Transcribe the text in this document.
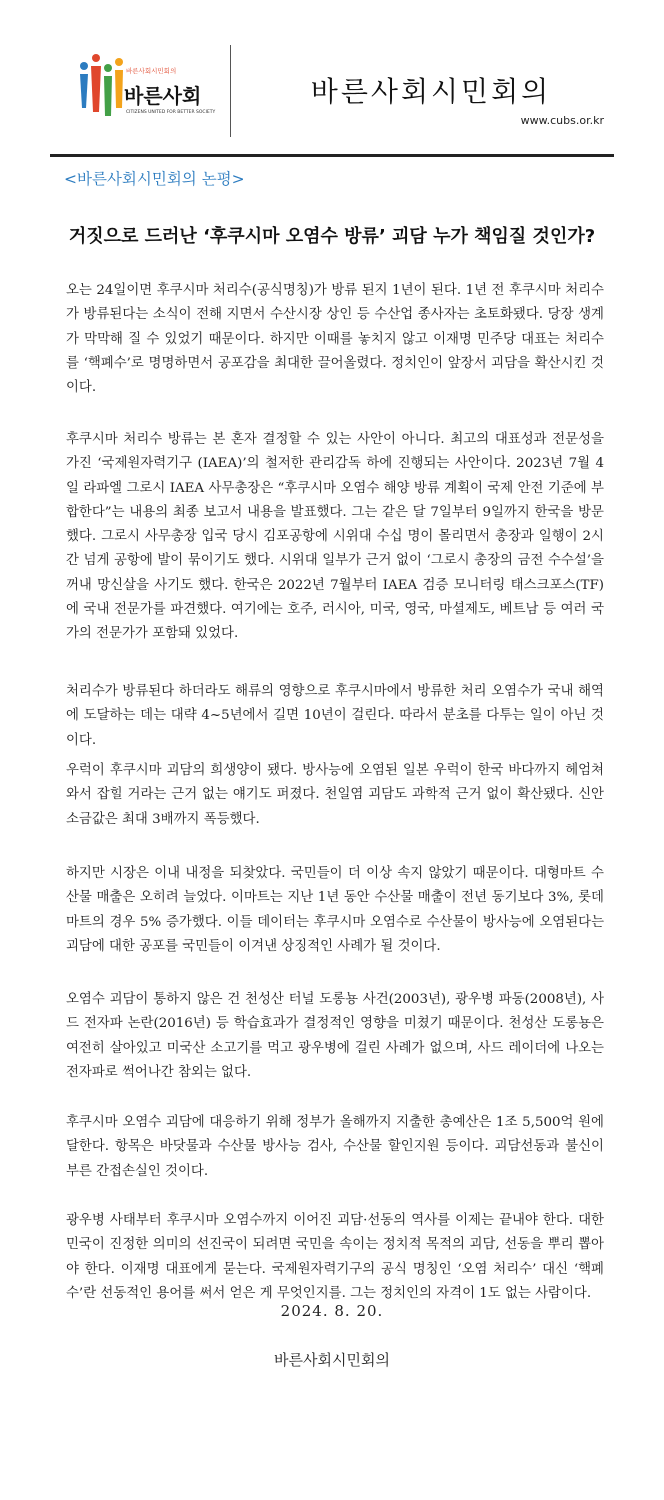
바른사회시민회의
바른사회
CITIZENS UNITED FOR BETTER SOCIETY
바른사회시민회의
www.cubs.or.kr
<바른사회시민회의 논평>
거짓으로 드러난 ‘후쿠시마 오염수 방류’ 괴담 누가 책임질 것인가?

오는 24일이면 후쿠시마 처리수(공식명칭)가 방류 된지 1년이 된다. 1년 전 후쿠시마 처리수가 방류된다는 소식이 전해 지면서 수산시장 상인 등 수산업 종사자는 초토화됐다. 당장 생계가 막막해 질 수 있었기 때문이다. 하지만 이때를 놓치지 않고 이재명 민주당 대표는 처리수를 ‘핵폐수’로 명명하면서 공포감을 최대한 끌어올렸다. 정치인이 앞장서 괴담을 확산시킨 것이다.

후쿠시마 처리수 방류는 본 혼자 결정할 수 있는 사안이 아니다. 최고의 대표성과 전문성을 가진 ‘국제원자력기구 (IAEA)’의 철저한 관리감독 하에 진행되는 사안이다. 2023년 7월 4일 라파엘 그로시 IAEA 사무총장은 “후쿠시마 오염수 해양 방류 계획이 국제 안전 기준에 부합한다”는 내용의 최종 보고서 내용을 발표했다. 그는 같은 달 7일부터 9일까지 한국을 방문했다. 그로시 사무총장 입국 당시 김포공항에 시위대 수십 명이 몰리면서 총장과 일행이 2시간 넘게 공항에 발이 묶이기도 했다. 시위대 일부가 근거 없이 ‘그로시 총장의 금전 수수설’을 꺼내 망신살을 사기도 했다. 한국은 2022년 7월부터 IAEA 검증 모니터링 태스크포스(TF)에 국내 전문가를 파견했다. 여기에는 호주, 러시아, 미국, 영국, 마셜제도, 베트남 등 여러 국가의 전문가가 포함돼 있었다.

처리수가 방류된다 하더라도 해류의 영향으로 후쿠시마에서 방류한 처리 오염수가 국내 해역에 도달하는 데는 대략 4~5년에서 길면 10년이 걸린다. 따라서 분초를 다투는 일이 아닌 것이다.

우럭이 후쿠시마 괴담의 희생양이 됐다. 방사능에 오염된 일본 우럭이 한국 바다까지 헤엄쳐 와서 잡힐 거라는 근거 없는 얘기도 퍼졌다. 천일염 괴담도 과학적 근거 없이 확산됐다. 신안 소금값은 최대 3배까지 폭등했다.

하지만 시장은 이내 내정을 되찾았다. 국민들이 더 이상 속지 않았기 때문이다. 대형마트 수산물 매출은 오히려 늘었다. 이마트는 지난 1년 동안 수산물 매출이 전년 동기보다 3%, 롯데마트의 경우 5% 증가했다. 이들 데이터는 후쿠시마 오염수로 수산물이 방사능에 오염된다는 괴담에 대한 공포를 국민들이 이겨낸 상징적인 사례가 될 것이다.

오염수 괴담이 통하지 않은 건 천성산 터널 도롱뇽 사건(2003년), 광우병 파동(2008년), 사드 전자파 논란(2016년) 등 학습효과가 결정적인 영향을 미쳤기 때문이다. 천성산 도롱뇽은 여전히 살아있고 미국산 소고기를 먹고 광우병에 걸린 사례가 없으며, 사드 레이더에 나오는 전자파로 썩어나간 참외는 없다.

후쿠시마 오염수 괴담에 대응하기 위해 정부가 올해까지 지출한 총예산은 1조 5,500억 원에 달한다. 항목은 바닷물과 수산물 방사능 검사, 수산물 할인지원 등이다. 괴담선동과 불신이 부른 간접손실인 것이다.

광우병 사태부터 후쿠시마 오염수까지 이어진 괴담·선동의 역사를 이제는 끝내야 한다. 대한민국이 진정한 의미의 선진국이 되려면 국민을 속이는 정치적 목적의 괴담, 선동을 뿌리 뽑아야 한다. 이재명 대표에게 묻는다. 국제원자력기구의 공식 명칭인 ‘오염 처리수’ 대신 ‘핵폐수’란 선동적인 용어를 써서 얻은 게 무엇인지를. 그는 정치인의 자격이 1도 없는 사람이다.

2024. 8. 20.
바른사회시민회의
